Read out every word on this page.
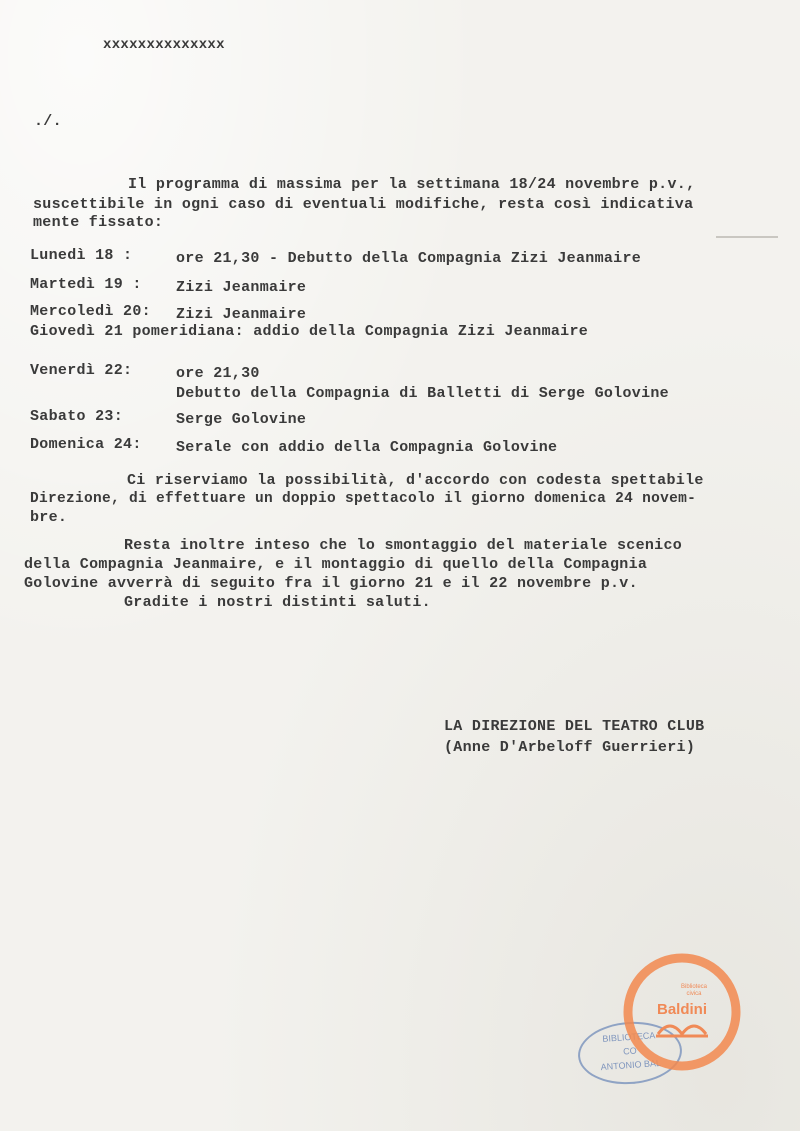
xxxxxxxxxxxxxx
./.
Il programma di massima per la settimana 18/24 novembre p.v.,
suscettibile in ogni caso di eventuali modifiche, resta così indicativa
mente fissato:
Lunedì 18 :	ore 21,30 - Debutto della Compagnia Zizi Jeanmaire
Martedì 19 : Zizi Jeanmaire
Mercoledì 20: Zizi Jeanmaire
Giovedì 21 pomeridiana: addio della Compagnia Zizi Jeanmaire
Venerdì 22:	ore 21,30
Debutto della Compagnia di Balletti di Serge Golovine
Sabato 23:	Serge Golovine
Domenica 24: Serale con addio della Compagnia Golovine
Ci riserviamo la possibilità, d'accordo con codesta spettabile
Direzione, di effettuare un doppio spettacolo il giorno domenica 24 novem-
bre.
Resta inoltre inteso che lo smontaggio del materiale scenico
della Compagnia Jeanmaire, e il montaggio di quello della Compagnia
Golovine avverrà di seguito fra il giorno 21 e il 22 novembre p.v.
Gradite i nostri distinti saluti.
LA DIREZIONE DEL TEATRO CLUB
(Anne D'Arbeloff Guerrieri)
BIBLIOTECA
CO
ANTONIO BAL
Biblioteca
civica
Baldini
